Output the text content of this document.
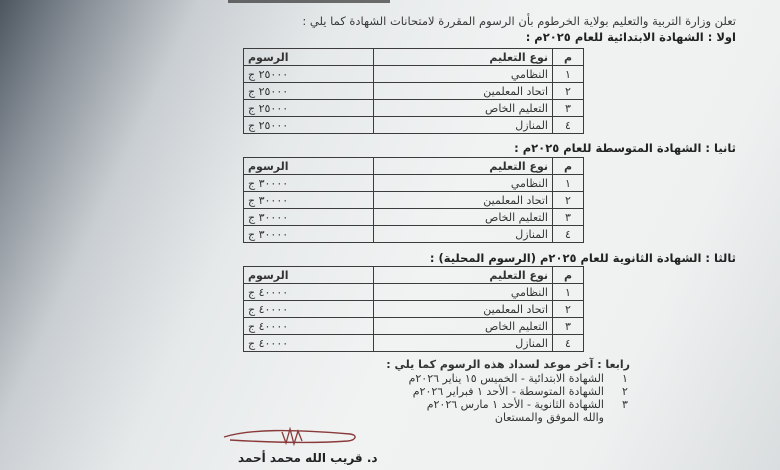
تعلن وزارة التربية والتعليم بولاية الخرطوم بأن الرسوم المقررة لامتحانات الشهادة كما يلي :
اولا : الشهادة الابتدائية للعام ٢٠٢٥م :
م	نوع التعليم	الرسوم
١	النظامي	٢٥٠٠٠ ج
٢	اتحاد المعلمين	٢٥٠٠٠ ج
٣	التعليم الخاص	٢٥٠٠٠ ج
٤	المنازل	٢٥٠٠٠ ج
ثانيا : الشهادة المتوسطة للعام ٢٠٢٥م :
م	نوع التعليم	الرسوم
١	النظامي	٣٠٠٠٠ ج
٢	اتحاد المعلمين	٣٠٠٠٠ ج
٣	التعليم الخاص	٣٠٠٠٠ ج
٤	المنازل	٣٠٠٠٠ ج
ثالثا : الشهادة الثانوية للعام ٢٠٢٥م (الرسوم المحلية) :
م	نوع التعليم	الرسوم
١	النظامي	٤٠٠٠٠ ج
٢	اتحاد المعلمين	٤٠٠٠٠ ج
٣	التعليم الخاص	٤٠٠٠٠ ج
٤	المنازل	٤٠٠٠٠ ج
رابعا : آخر موعد لسداد هذه الرسوم كما يلي :
١
الشهادة الابتدائية - الخميس ١٥ يناير ٢٠٢٦م
٢
الشهادة المتوسطة - الأحد ١ فبراير ٢٠٢٦م
٣
الشهادة الثانوية - الأحد ١ مارس ٢٠٢٦م
والله الموفق والمستعان
د. قريب الله محمد أحمد
